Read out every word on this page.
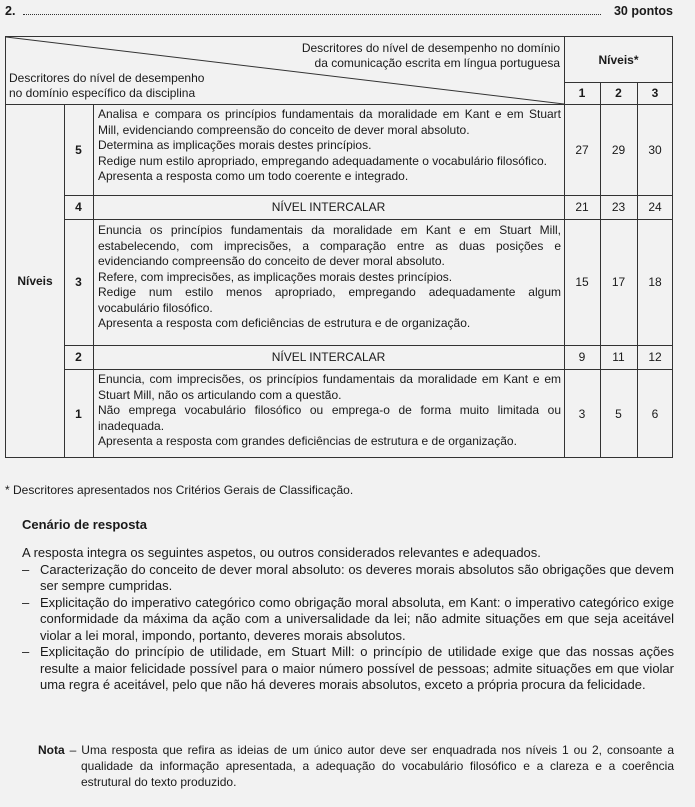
2.	30 pontos
Descritores do nível de desempenho no domínio
da comunicação escrita em língua portuguesa
Descritores do nível de desempenho
no domínio específico da disciplina
Níveis*
1	2	3
Níveis
5
Analisa e compara os princípios fundamentais da moralidade em Kant e em Stuart
Mill, evidenciando compreensão do conceito de dever moral absoluto.
Determina as implicações morais destes princípios.
Redige num estilo apropriado, empregando adequadamente o vocabulário filosófico.
Apresenta a resposta como um todo coerente e integrado.
27	29	30
4	NÍVEL INTERCALAR	21	23	24
3
Enuncia os princípios fundamentais da moralidade em Kant e em Stuart Mill,
estabelecendo, com imprecisões, a comparação entre as duas posições e
evidenciando compreensão do conceito de dever moral absoluto.
Refere, com imprecisões, as implicações morais destes princípios.
Redige num estilo menos apropriado, empregando adequadamente algum
vocabulário filosófico.
Apresenta a resposta com deficiências de estrutura e de organização.
15	17	18
2	NÍVEL INTERCALAR	9	11	12
1
Enuncia, com imprecisões, os princípios fundamentais da moralidade em Kant e em
Stuart Mill, não os articulando com a questão.
Não emprega vocabulário filosófico ou emprega-o de forma muito limitada ou
inadequada.
Apresenta a resposta com grandes deficiências de estrutura e de organização.
3	5	6
* Descritores apresentados nos Critérios Gerais de Classificação.
Cenário de resposta
A resposta integra os seguintes aspetos, ou outros considerados relevantes e adequados.
– Caracterização do conceito de dever moral absoluto: os deveres morais absolutos são obrigações que devem ser sempre cumpridas.
– Explicitação do imperativo categórico como obrigação moral absoluta, em Kant: o imperativo categórico exige conformidade da máxima da ação com a universalidade da lei; não admite situações em que seja aceitável violar a lei moral, impondo, portanto, deveres morais absolutos.
– Explicitação do princípio de utilidade, em Stuart Mill: o princípio de utilidade exige que das nossas ações resulte a maior felicidade possível para o maior número possível de pessoas; admite situações em que violar uma regra é aceitável, pelo que não há deveres morais absolutos, exceto a própria procura da felicidade.
Nota – Uma resposta que refira as ideias de um único autor deve ser enquadrada nos níveis 1 ou 2, consoante a qualidade da informação apresentada, a adequação do vocabulário filosófico e a clareza e a coerência estrutural do texto produzido.
